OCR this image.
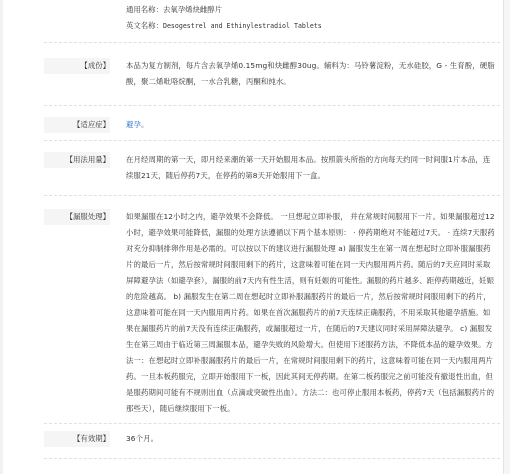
通用名称：去氧孕烯炔雌醇片
英文名称：Desogestrel and Ethinylestradiol Tablets
【成份】 本品为复方制剂，每片含去氧孕烯0.15mg和炔雌醇30ug。辅料为：马铃薯淀粉，无水硅胶，G - 生育酚，硬脂酸，聚二烯吡咯烷酮，一水合乳糖，丙酮和纯水。
【适应症】 避孕。
【用法用量】 在月经周期的第一天，即月经来潮的第一天开始服用本品。按照箭头所指的方向每天约同一时间服1片本品，连续服21天，随后停药7天，在停药的第8天开始服用下一盒。
【漏服处理】 如果漏服在12小时之内，避孕效果不会降低。 一旦想起立即补服， 并在常规时间服用下一片。如果漏服超过12 小时，避孕效果可能降低，漏服的处理方法遵循以下两个基本原则： · 停药期绝对不能超过7天。 · 连续7天服药对充分抑制排卵作用是必需的。可以按以下的建议进行漏服处理 a) 漏服发生在第一周在想起时立即补服漏服药片的最后一片，然后按常规时间服用剩下的药片，这意味着可能在同一天内服用两片药。随后的7天应同时采取屏障避孕法（如避孕套），漏服的前7天内有性生活，则有妊娠的可能性。漏服的药片越多、距停药期越近，妊娠的危险越高。 b) 漏服发生在第二周在想起时立即补服漏服药片的最后一片，然后按常规时间服用剩下的药片，这意味着可能在同一天内服用两片药。如果在首次漏服药片的前7天连续正确服药，不用采取其他避孕措施。如果在漏服药片的前7天没有连续正确服药，或漏服超过一片，在随后的7天建议同时采用屏障法避孕。 c) 漏服发生在第三周由于临近第三周漏服本品，避孕失败的风险增大。但使用下述服药方法，不降低本品的避孕效果。方法一：在想起时立即补服漏服药片的最后一片，在常规时间服用剩下的药片，这意味着可能在同一天内服用两片药。一旦本板药服完，立即开始服用下一板，因此其间无停药期。在第二板药服完之前可能没有撤退性出血，但是服药期间可能有不规则出血（点滴或突破性出血）。方法二：也可停止服用本板药，停药7天（包括漏服药片的那些天），随后继续服用下一板。
【有效期】 36个月。
